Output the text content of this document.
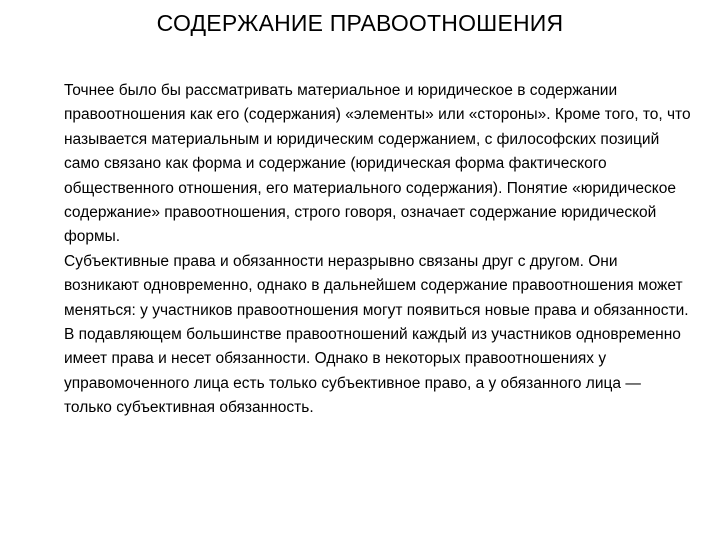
СОДЕРЖАНИЕ ПРАВООТНОШЕНИЯ

Точнее было бы рассматривать материальное и юридическое в содержании правоотношения как его (содержания) «элементы» или «стороны». Кроме того, то, что называется материальным и юридическим содержанием, с философских позиций само связано как форма и содержание (юридическая форма фактического общественного отношения, его материального содержания). Понятие «юридическое содержание» правоотношения, строго говоря, означает содержание юридической формы.

Субъективные права и обязанности неразрывно связаны друг с другом. Они возникают одновременно, однако в дальнейшем содержание правоотношения может меняться: у участников правоотношения могут появиться новые права и обязанности.

В подавляющем большинстве правоотношений каждый из участников одновременно имеет права и несет обязанности. Однако в некоторых правоотношениях у управомоченного лица есть только субъективное право, а у обязанного лица — только субъективная обязанность.
